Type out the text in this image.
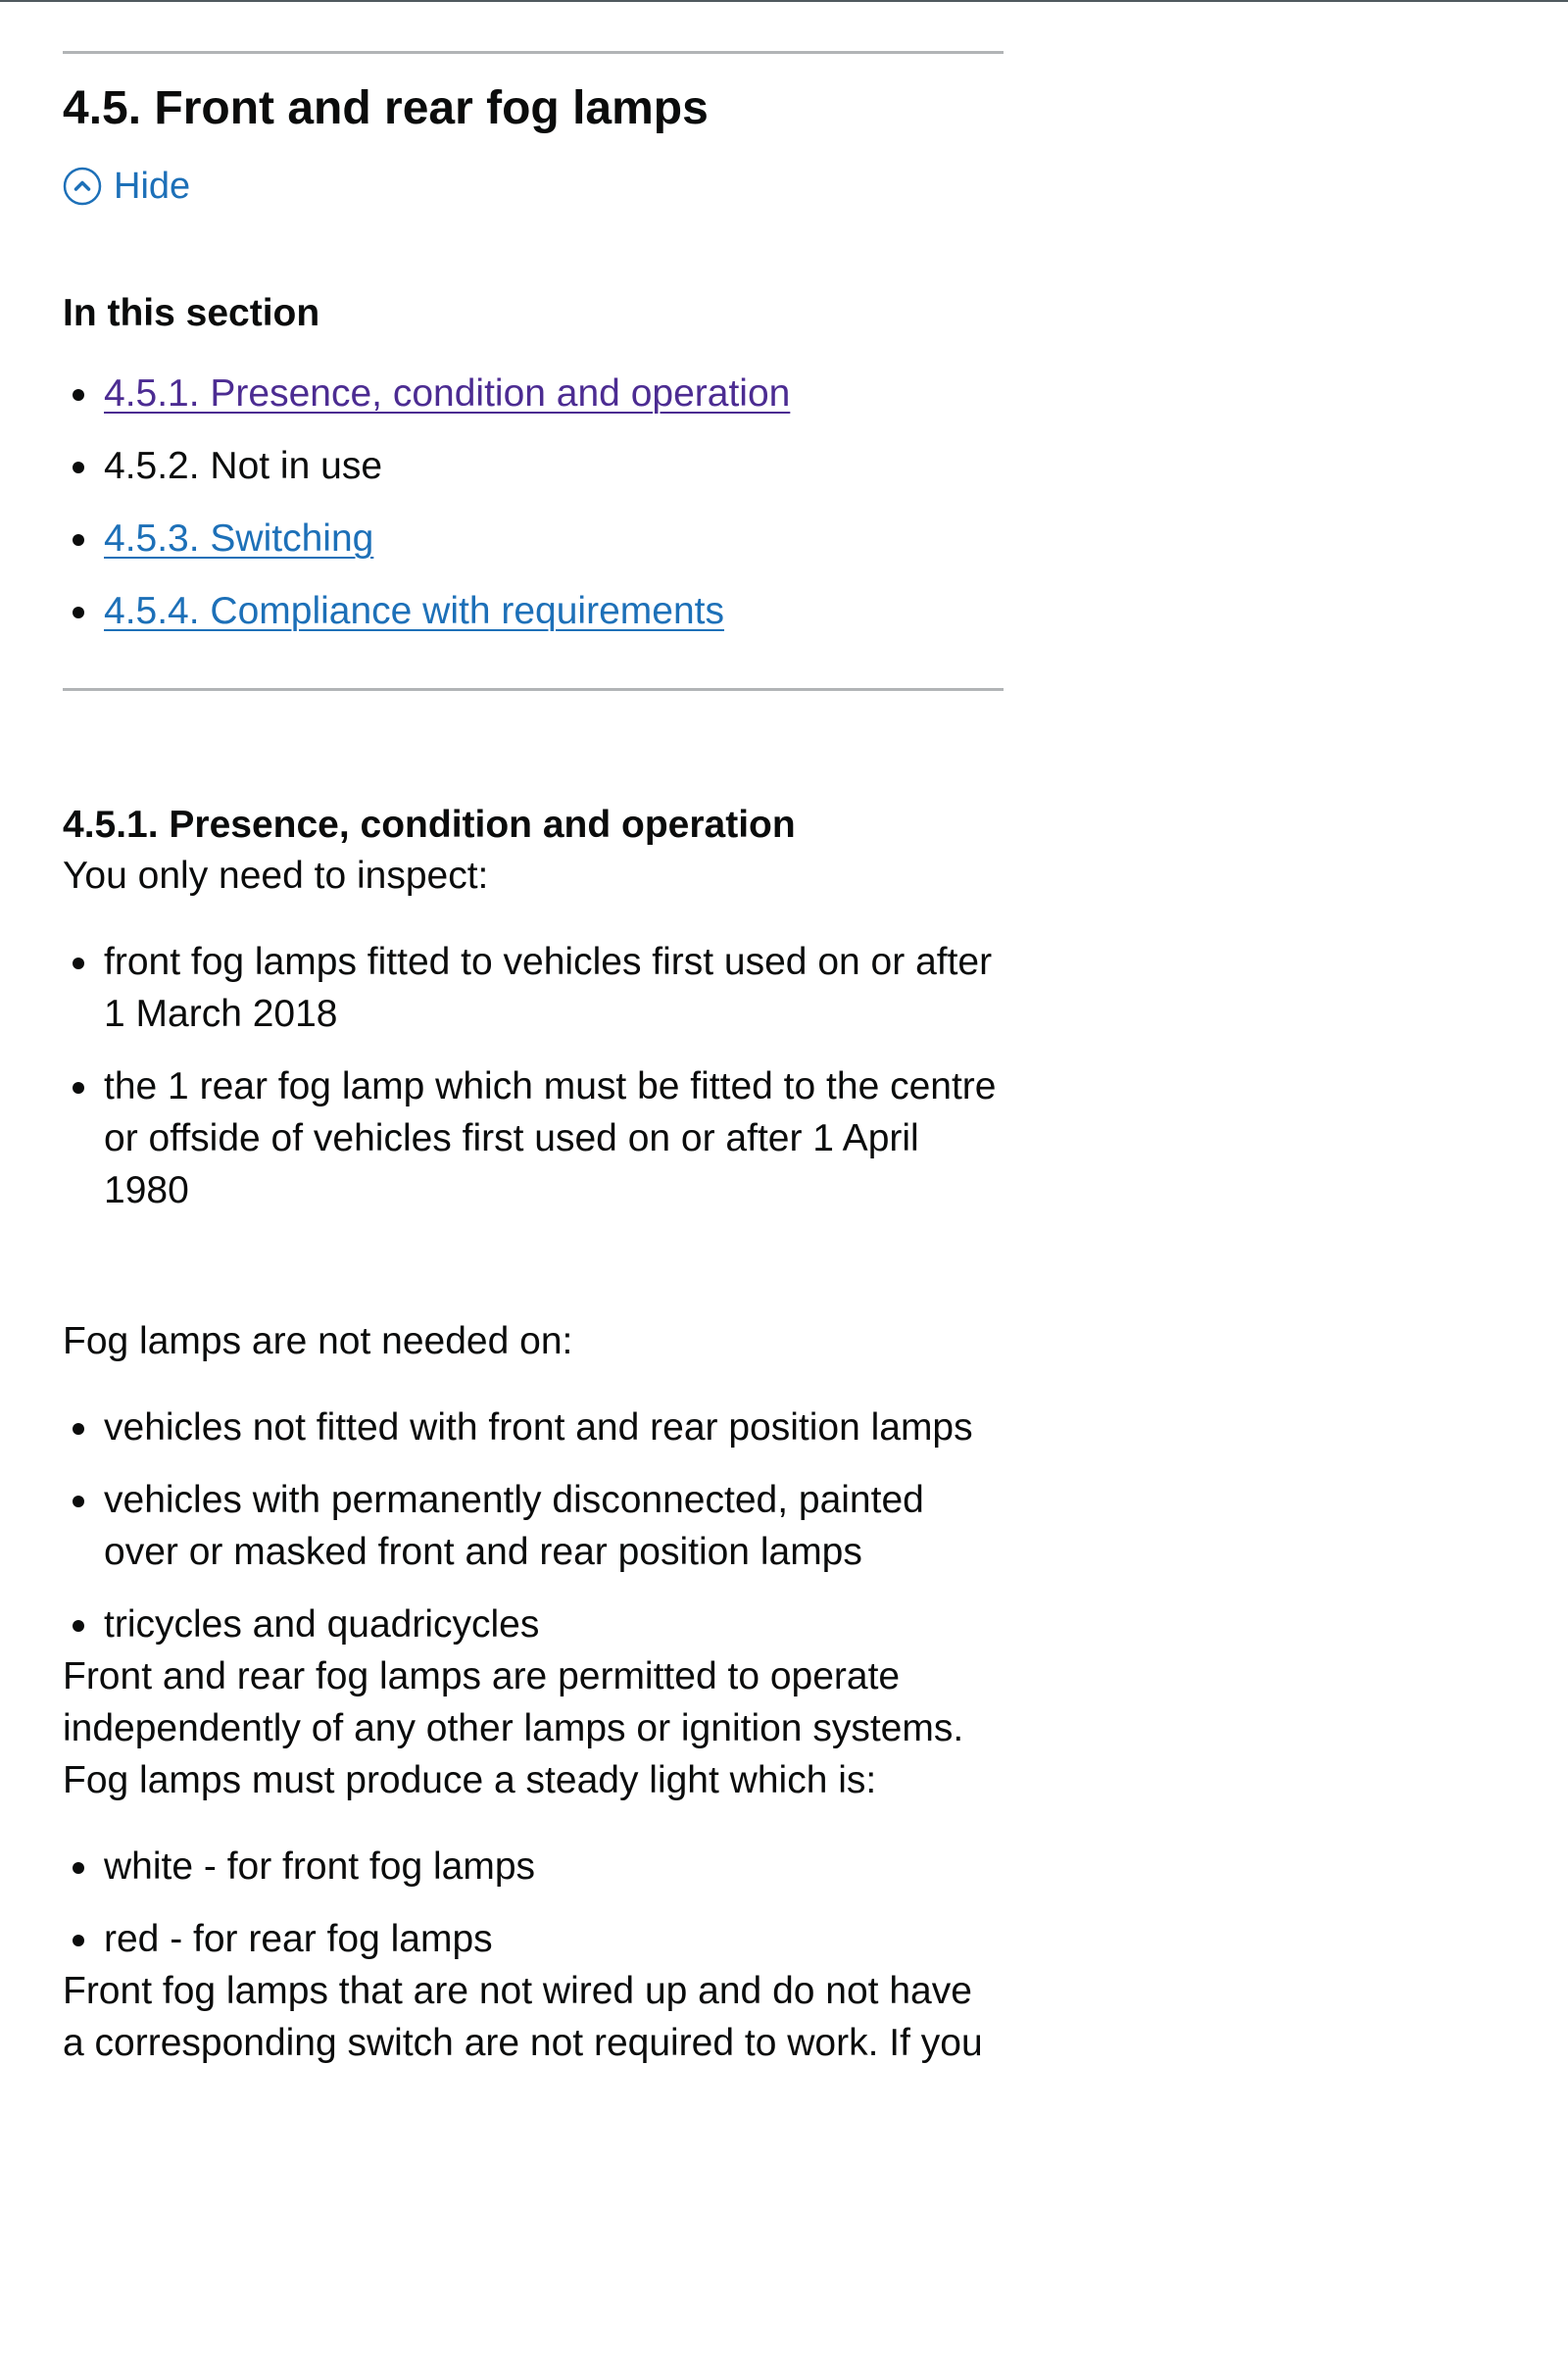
4.5. Front and rear fog lamps
Hide
In this section
4.5.1. Presence, condition and operation
4.5.2. Not in use
4.5.3. Switching
4.5.4. Compliance with requirements
4.5.1. Presence, condition and operation

You only need to inspect:

front fog lamps fitted to vehicles first used on or after 1 March 2018
the 1 rear fog lamp which must be fitted to the centre or offside of vehicles first used on or after 1 April 1980

Fog lamps are not needed on:

vehicles not fitted with front and rear position lamps
vehicles with permanently disconnected, painted over or masked front and rear position lamps
tricycles and quadricycles

Front and rear fog lamps are permitted to operate independently of any other lamps or ignition systems.

Fog lamps must produce a steady light which is:

white - for front fog lamps
red - for rear fog lamps

Front fog lamps that are not wired up and do not have a corresponding switch are not required to work. If you
